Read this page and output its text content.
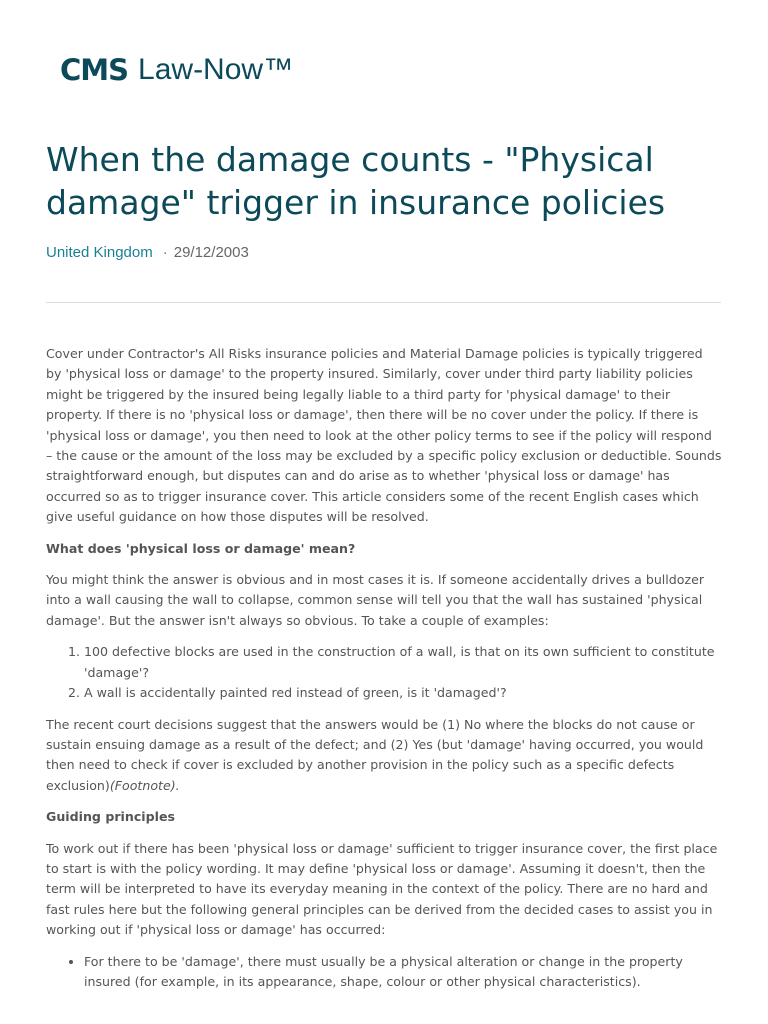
CMS Law-Now™
When the damage counts - "Physical damage" trigger in insurance policies
United Kingdom · 29/12/2003

Cover under Contractor's All Risks insurance policies and Material Damage policies is typically triggered by 'physical loss or damage' to the property insured. Similarly, cover under third party liability policies might be triggered by the insured being legally liable to a third party for 'physical damage' to their property. If there is no 'physical loss or damage', then there will be no cover under the policy. If there is 'physical loss or damage', you then need to look at the other policy terms to see if the policy will respond – the cause or the amount of the loss may be excluded by a specific policy exclusion or deductible. Sounds straightforward enough, but disputes can and do arise as to whether 'physical loss or damage' has occurred so as to trigger insurance cover. This article considers some of the recent English cases which give useful guidance on how those disputes will be resolved.

What does 'physical loss or damage' mean?

You might think the answer is obvious and in most cases it is. If someone accidentally drives a bulldozer into a wall causing the wall to collapse, common sense will tell you that the wall has sustained 'physical damage'. But the answer isn't always so obvious. To take a couple of examples:

1. 100 defective blocks are used in the construction of a wall, is that on its own sufficient to constitute 'damage'?
2. A wall is accidentally painted red instead of green, is it 'damaged'?

The recent court decisions suggest that the answers would be (1) No where the blocks do not cause or sustain ensuing damage as a result of the defect; and (2) Yes (but 'damage' having occurred, you would then need to check if cover is excluded by another provision in the policy such as a specific defects exclusion)(Footnote).

Guiding principles

To work out if there has been 'physical loss or damage' sufficient to trigger insurance cover, the first place to start is with the policy wording. It may define 'physical loss or damage'. Assuming it doesn't, then the term will be interpreted to have its everyday meaning in the context of the policy. There are no hard and fast rules here but the following general principles can be derived from the decided cases to assist you in working out if 'physical loss or damage' has occurred:

• For there to be 'damage', there must usually be a physical alteration or change in the property insured (for example, in its appearance, shape, colour or other physical characteristics).
